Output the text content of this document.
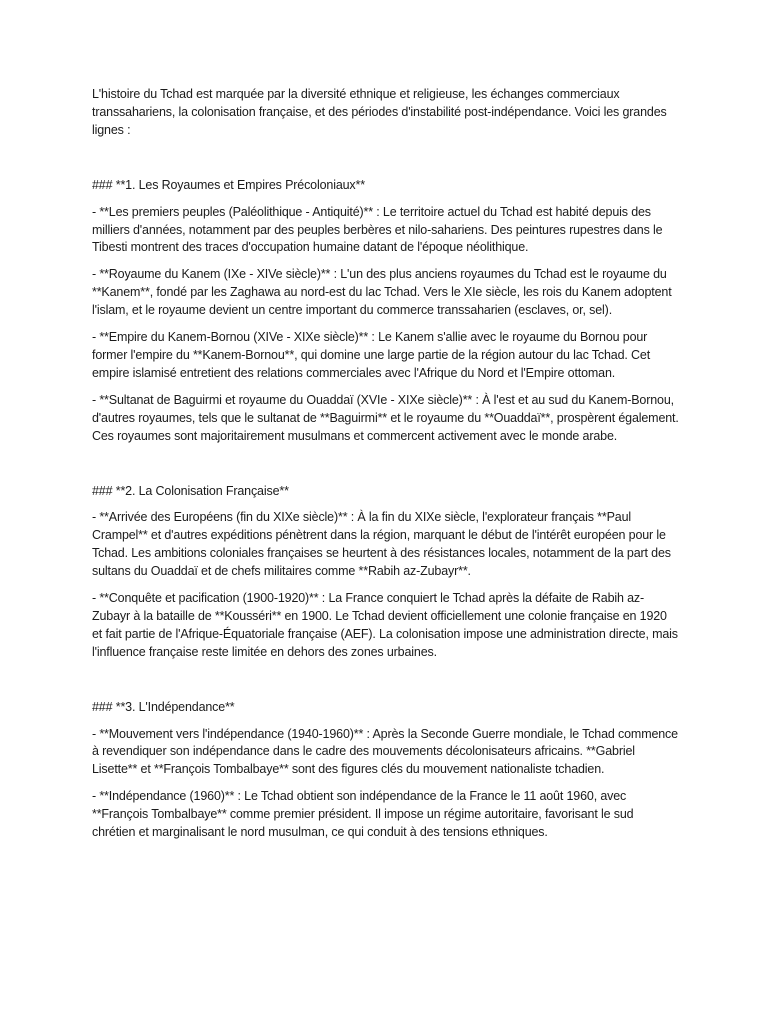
L'histoire du Tchad est marquée par la diversité ethnique et religieuse, les échanges commerciaux transsahariens, la colonisation française, et des périodes d'instabilité post-indépendance. Voici les grandes lignes :

### **1. Les Royaumes et Empires Précoloniaux**

- **Les premiers peuples (Paléolithique - Antiquité)** : Le territoire actuel du Tchad est habité depuis des milliers d'années, notamment par des peuples berbères et nilo-sahariens. Des peintures rupestres dans le Tibesti montrent des traces d'occupation humaine datant de l'époque néolithique.

- **Royaume du Kanem (IXe - XIVe siècle)** : L'un des plus anciens royaumes du Tchad est le royaume du **Kanem**, fondé par les Zaghawa au nord-est du lac Tchad. Vers le XIe siècle, les rois du Kanem adoptent l'islam, et le royaume devient un centre important du commerce transsaharien (esclaves, or, sel).

- **Empire du Kanem-Bornou (XIVe - XIXe siècle)** : Le Kanem s'allie avec le royaume du Bornou pour former l'empire du **Kanem-Bornou**, qui domine une large partie de la région autour du lac Tchad. Cet empire islamisé entretient des relations commerciales avec l'Afrique du Nord et l'Empire ottoman.

- **Sultanat de Baguirmi et royaume du Ouaddaï (XVIe - XIXe siècle)** : À l'est et au sud du Kanem-Bornou, d'autres royaumes, tels que le sultanat de **Baguirmi** et le royaume du **Ouaddaï**, prospèrent également. Ces royaumes sont majoritairement musulmans et commercent activement avec le monde arabe.

### **2. La Colonisation Française**

- **Arrivée des Européens (fin du XIXe siècle)** : À la fin du XIXe siècle, l'explorateur français **Paul Crampel** et d'autres expéditions pénètrent dans la région, marquant le début de l'intérêt européen pour le Tchad. Les ambitions coloniales françaises se heurtent à des résistances locales, notamment de la part des sultans du Ouaddaï et de chefs militaires comme **Rabih az-Zubayr**.

- **Conquête et pacification (1900-1920)** : La France conquiert le Tchad après la défaite de Rabih az-Zubayr à la bataille de **Kousséri** en 1900. Le Tchad devient officiellement une colonie française en 1920 et fait partie de l'Afrique-Équatoriale française (AEF). La colonisation impose une administration directe, mais l'influence française reste limitée en dehors des zones urbaines.

### **3. L'Indépendance**

- **Mouvement vers l'indépendance (1940-1960)** : Après la Seconde Guerre mondiale, le Tchad commence à revendiquer son indépendance dans le cadre des mouvements décolonisateurs africains. **Gabriel Lisette** et **François Tombalbaye** sont des figures clés du mouvement nationaliste tchadien.

- **Indépendance (1960)** : Le Tchad obtient son indépendance de la France le 11 août 1960, avec **François Tombalbaye** comme premier président. Il impose un régime autoritaire, favorisant le sud chrétien et marginalisant le nord musulman, ce qui conduit à des tensions ethniques.
